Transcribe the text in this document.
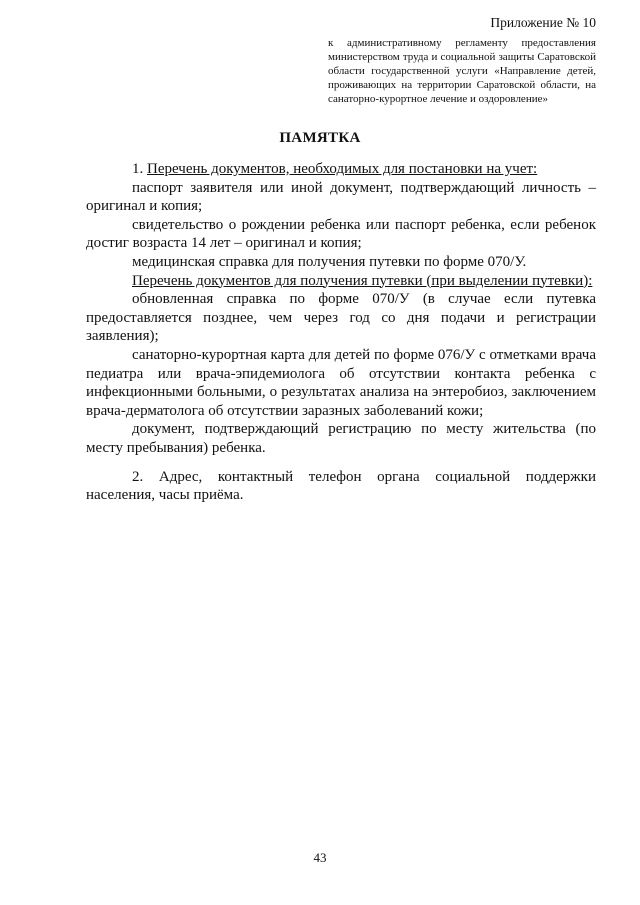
Приложение № 10
к административному регламенту предоставления министерством труда и социальной защиты Саратовской области государственной услуги «Направление детей, проживающих на территории Саратовской области, на санаторно-курортное лечение и оздоровление»
ПАМЯТКА

1. Перечень документов, необходимых для постановки на учет:

паспорт заявителя или иной документ, подтверждающий личность – оригинал и копия;

свидетельство о рождении ребенка или паспорт ребенка, если ребенок достиг возраста 14 лет – оригинал и копия;

медицинская справка для получения путевки по форме 070/У.

Перечень документов для получения путевки (при выделении путевки):

обновленная справка по форме 070/У (в случае если путевка предоставляется позднее, чем через год со дня подачи и регистрации заявления);

санаторно-курортная карта для детей по форме 076/У с отметками врача педиатра или врача-эпидемиолога об отсутствии контакта ребенка с инфекционными больными, о результатах анализа на энтеробиоз, заключением врача-дерматолога об отсутствии заразных заболеваний кожи;

документ, подтверждающий регистрацию по месту жительства (по месту пребывания) ребенка.

2. Адрес, контактный телефон органа социальной поддержки населения, часы приёма.

43
